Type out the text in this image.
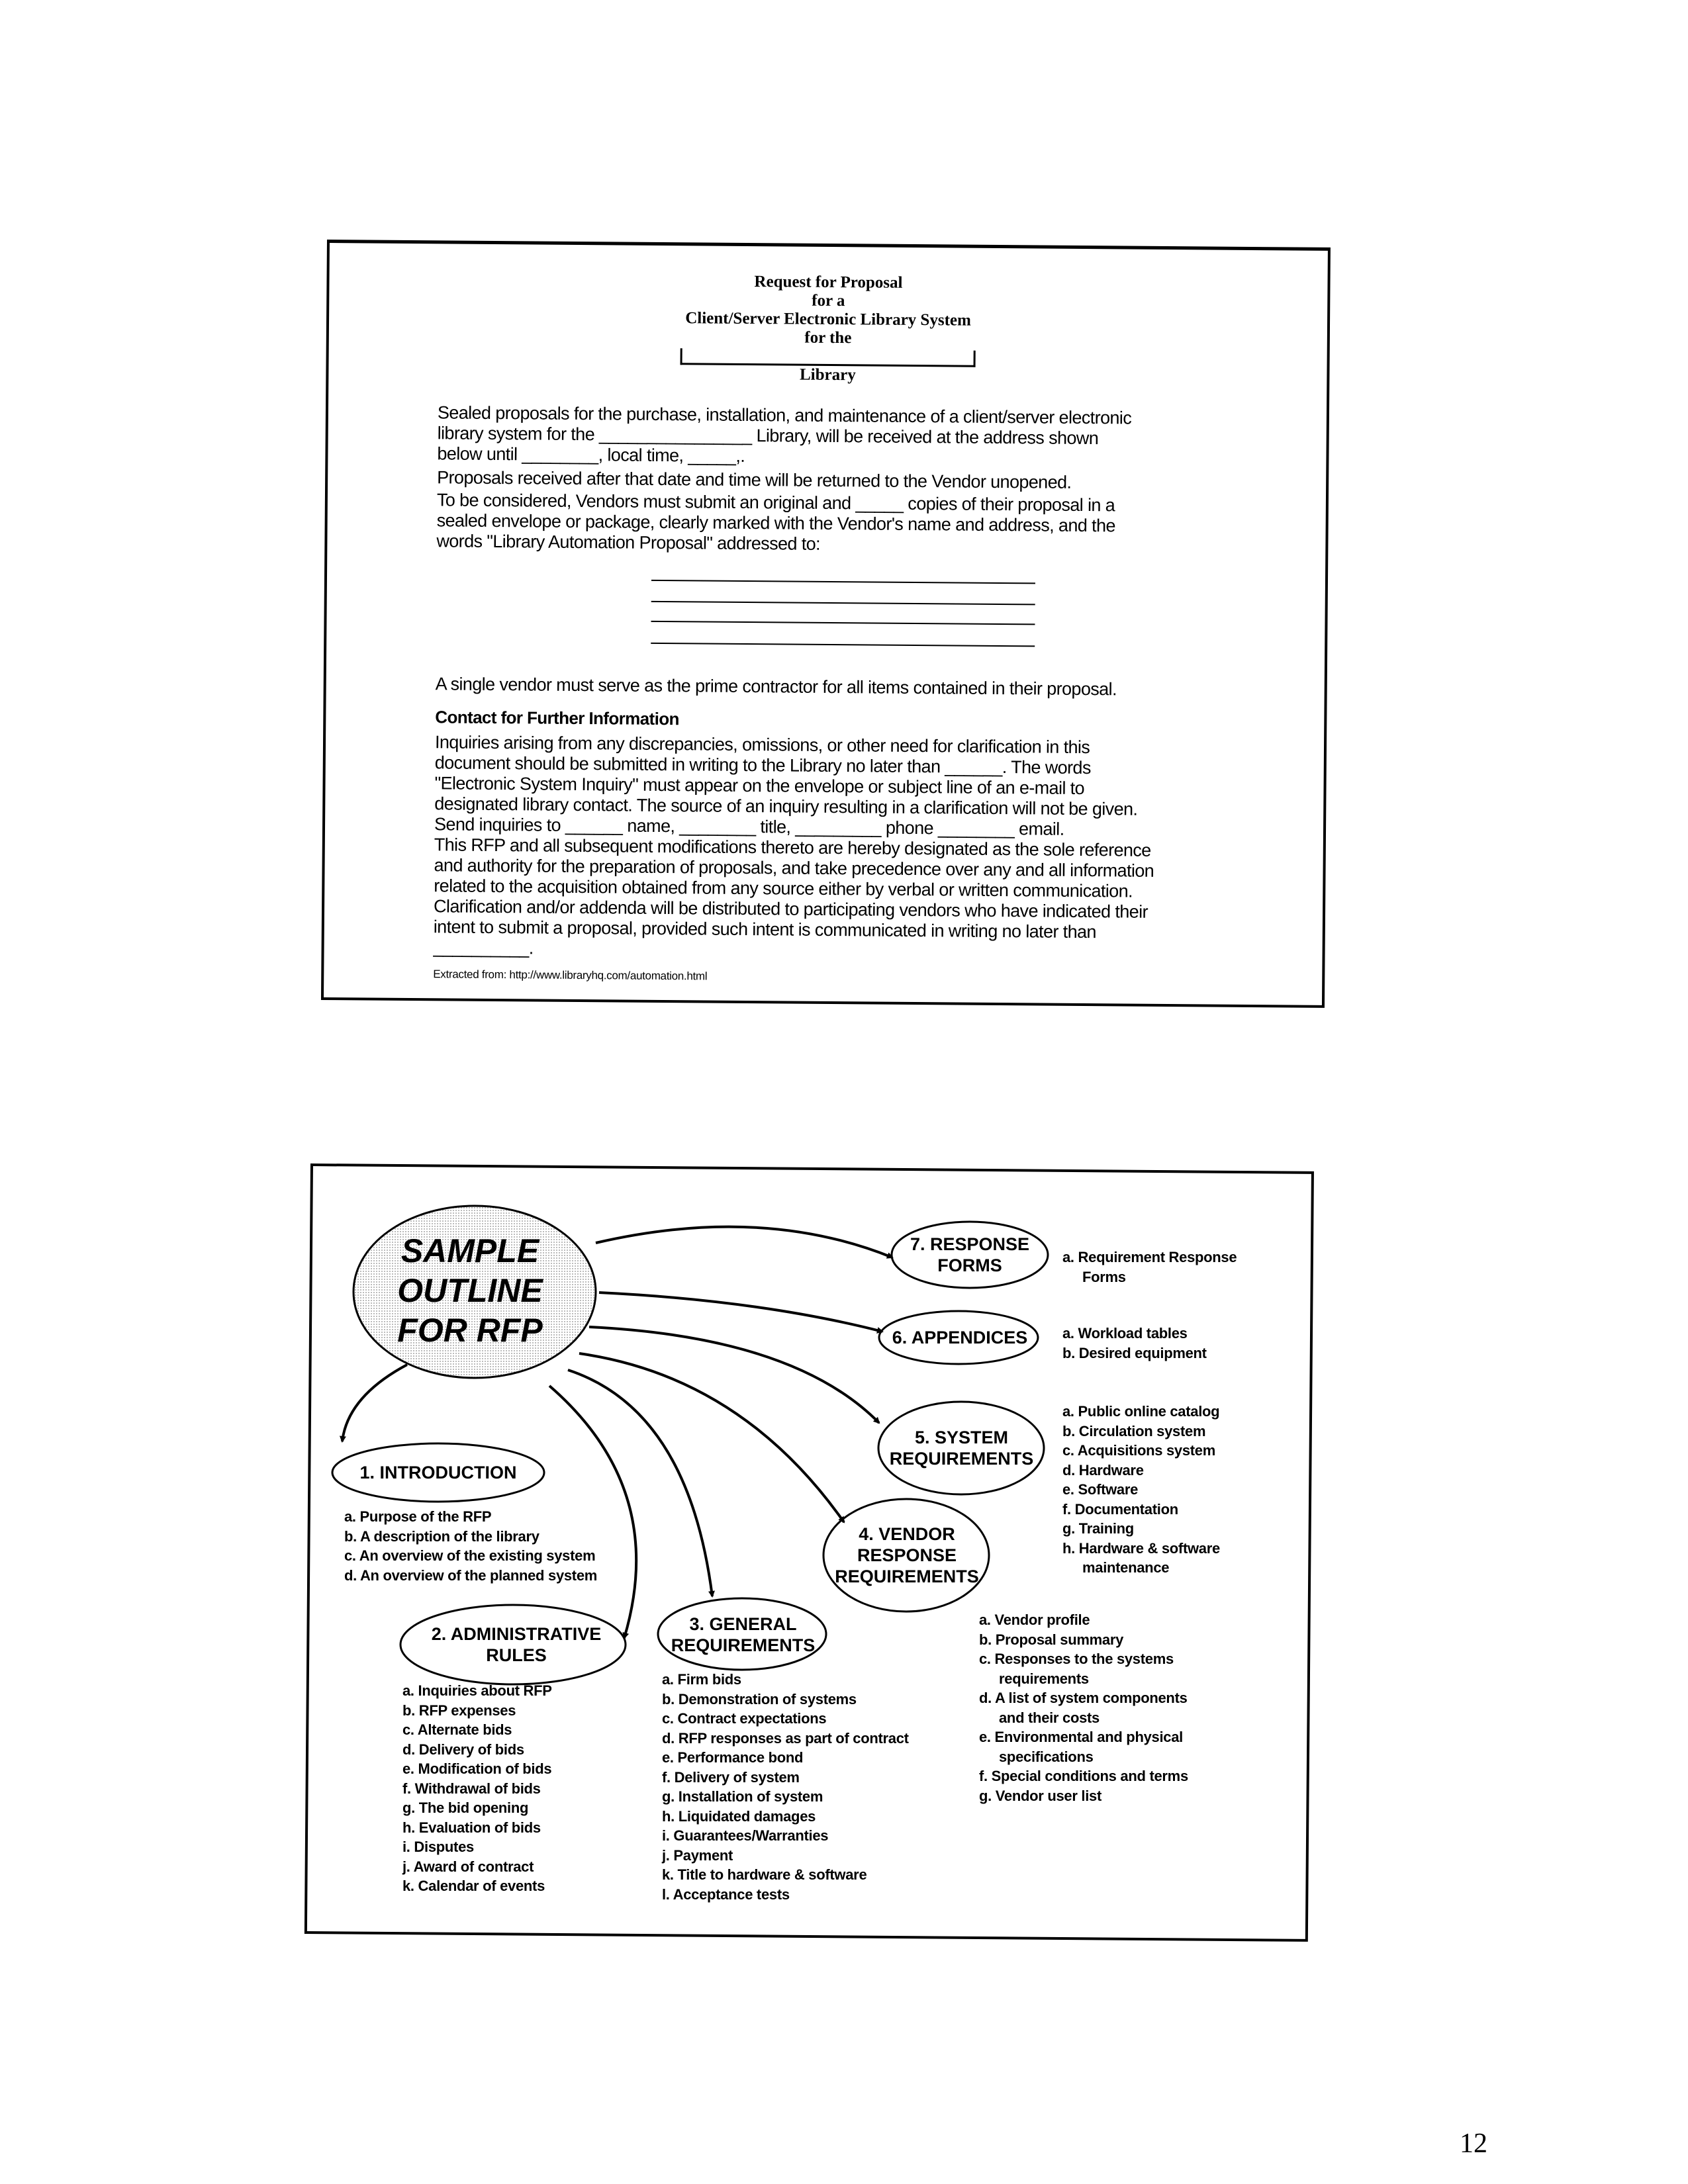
Request for Proposal
for a
Client/Server Electronic Library System
for the
Library
Sealed proposals for the purchase, installation, and maintenance of a client/server electronic
library system for the ________________ Library, will be received at the address shown
below until ________, local time, _____,.
Proposals received after that date and time will be returned to the Vendor unopened.
To be considered, Vendors must submit an original and _____ copies of their proposal in a
sealed envelope or package, clearly marked with the Vendor's name and address, and the
words "Library Automation Proposal" addressed to:
A single vendor must serve as the prime contractor for all items contained in their proposal.
Contact for Further Information
Inquiries arising from any discrepancies, omissions, or other need for clarification in this
document should be submitted in writing to the Library no later than ______. The words
"Electronic System Inquiry" must appear on the envelope or subject line of an e-mail to
designated library contact. The source of an inquiry resulting in a clarification will not be given.
Send inquiries to ______ name, ________ title, _________ phone ________ email.
This RFP and all subsequent modifications thereto are hereby designated as the sole reference
and authority for the preparation of proposals, and take precedence over any and all information
related to the acquisition obtained from any source either by verbal or written communication.
Clarification and/or addenda will be distributed to participating vendors who have indicated their
intent to submit a proposal, provided such intent is communicated in writing no later than
__________.
Extracted from: http://www.libraryhq.com/automation.html
SAMPLE
OUTLINE
FOR RFP
7. RESPONSE FORMS
6. APPENDICES
5. SYSTEM REQUIREMENTS
4. VENDOR RESPONSE REQUIREMENTS
3. GENERAL REQUIREMENTS
2. ADMINISTRATIVE RULES
1. INTRODUCTION
a. Requirement Response
Forms
a. Workload tables
b. Desired equipment
a. Public online catalog
b. Circulation system
c. Acquisitions system
d. Hardware
e. Software
f. Documentation
g. Training
h. Hardware & software
maintenance
a. Vendor profile
b. Proposal summary
c. Responses to the systems
requirements
d. A list of system components
and their costs
e. Environmental and physical
specifications
f. Special conditions and terms
g. Vendor user list
a. Firm bids
b. Demonstration of systems
c. Contract expectations
d. RFP responses as part of contract
e. Performance bond
f. Delivery of system
g. Installation of system
h. Liquidated damages
i. Guarantees/Warranties
j. Payment
k. Title to hardware & software
l. Acceptance tests
a. Inquiries about RFP
b. RFP expenses
c. Alternate bids
d. Delivery of bids
e. Modification of bids
f. Withdrawal of bids
g. The bid opening
h. Evaluation of bids
i. Disputes
j. Award of contract
k. Calendar of events
a. Purpose of the RFP
b. A description of the library
c. An overview of the existing system
d. An overview of the planned system
12
